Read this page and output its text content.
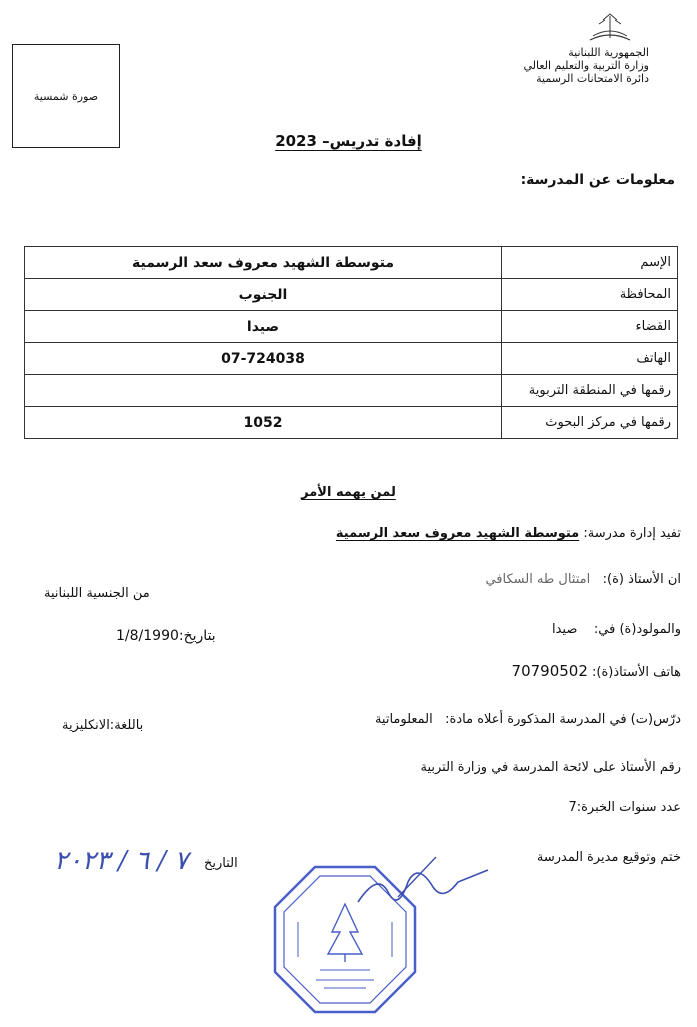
صورة شمسية
الجمهورية اللبنانية
وزارة التربية والتعليم العالي
دائرة الامتحانات الرسمية
إفادة تدريس– 2023
معلومات عن المدرسة:
الإسم	متوسطة الشهيد معروف سعد الرسمية
المحافظة	الجنوب
القضاء	صيدا
الهاتف	07-724038
رقمها في المنطقة التربوية	
رقمها في مركز البحوث	1052
لمن يهمه الأمر
تفيد إدارة مدرسة: متوسطة الشهيد معروف سعد الرسمية
ان الأستاذ (ة):   امتثال طه السكافي
من الجنسية اللبنانية
والمولود(ة) في:    صيدا
بتاريخ:1/8/1990
هاتف الأستاذ(ة): 70790502
درّس(ت) في المدرسة المذكورة أعلاه مادة:   المعلوماتية
باللغة:الانكليزية
رقم الأستاذ على لائحة المدرسة في وزارة التربية
عدد سنوات الخبرة:7
ختم وتوقيع مديرة المدرسة
التاريخ
٧ / ٦ / ٢٠٢٣
